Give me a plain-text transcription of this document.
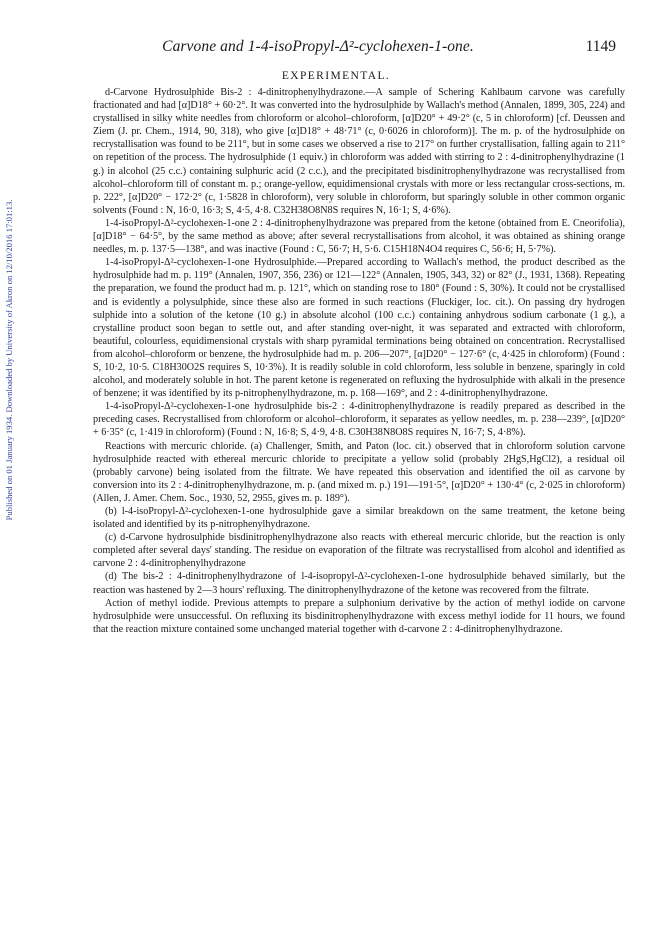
Published on 01 January 1934. Downloaded by University of Akron on 12/10/2016 17:01:13.
Carvone and 1-4-isoPropyl-Δ²-cyclohexen-1-one.	1149
EXPERIMENTAL.

d-Carvone Hydrosulphide Bis-2 : 4-dinitrophenylhydrazone.—A sample of Schering Kahlbaum carvone was carefully fractionated and had [α]D18° + 60·2°. It was converted into the hydrosulphide by Wallach's method (Annalen, 1899, 305, 224) and crystallised in silky white needles from chloroform or alcohol–chloroform, [α]D20° + 49·2° (c, 5 in chloroform) [cf. Deussen and Ziem (J. pr. Chem., 1914, 90, 318), who give [α]D18° + 48·71° (c, 0·6026 in chloroform)]. The m. p. of the hydrosulphide on recrystallisation was found to be 211°, but in some cases we observed a rise to 217° on further crystallisation, falling again to 211° on repetition of the process. The hydrosulphide (1 equiv.) in chloroform was added with stirring to 2 : 4-dinitrophenylhydrazine (1 g.) in alcohol (25 c.c.) containing sulphuric acid (2 c.c.), and the precipitated bisdinitrophenylhydrazone was recrystallised from alcohol–chloroform till of constant m. p.; orange-yellow, equidimensional crystals with more or less rectangular cross-sections, m. p. 222°, [α]D20° − 172·2° (c, 1·5828 in chloroform), very soluble in chloroform, but sparingly soluble in other common organic solvents (Found : N, 16·0, 16·3; S, 4·5, 4·8. C32H38O8N8S requires N, 16·1; S, 4·6%).

1-4-isoPropyl-Δ²-cyclohexen-1-one 2 : 4-dinitrophenylhydrazone was prepared from the ketone (obtained from E. Cneorifolia), [α]D18° − 64·5°, by the same method as above; after several recrystallisations from alcohol, it was obtained as shining orange needles, m. p. 137·5—138°, and was inactive (Found : C, 56·7; H, 5·6. C15H18N4O4 requires C, 56·6; H, 5·7%).

1-4-isoPropyl-Δ²-cyclohexen-1-one Hydrosulphide.—Prepared according to Wallach's method, the product described as the hydrosulphide had m. p. 119° (Annalen, 1907, 356, 236) or 121—122° (Annalen, 1905, 343, 32) or 82° (J., 1931, 1368). Repeating the preparation, we found the product had m. p. 121°, which on standing rose to 180° (Found : S, 30%). It could not be crystallised and is evidently a polysulphide, since these also are formed in such reactions (Fluckiger, loc. cit.). On passing dry hydrogen sulphide into a solution of the ketone (10 g.) in absolute alcohol (100 c.c.) containing anhydrous sodium carbonate (1 g.), a crystalline product soon began to settle out, and after standing over-night, it was separated and extracted with chloroform, beautiful, colourless, equidimensional crystals with sharp pyramidal terminations being obtained on concentration. Recrystallised from alcohol–chloroform or benzene, the hydrosulphide had m. p. 206—207°, [α]D20° − 127·6° (c, 4·425 in chloroform) (Found : S, 10·2, 10·5. C18H30O2S requires S, 10·3%). It is readily soluble in cold chloroform, less soluble in benzene, sparingly in cold alcohol, and moderately soluble in hot. The parent ketone is regenerated on refluxing the hydrosulphide with alkali in the presence of benzene; it was identified by its p-nitrophenylhydrazone, m. p. 168—169°, and 2 : 4-dinitrophenylhydrazone.

1-4-isoPropyl-Δ²-cyclohexen-1-one hydrosulphide bis-2 : 4-dinitrophenylhydrazone is readily prepared as described in the preceding cases. Recrystallised from chloroform or alcohol–chloroform, it separates as yellow needles, m. p. 238—239°, [α]D20° + 6·35° (c, 1·419 in chloroform) (Found : N, 16·8; S, 4·9, 4·8. C30H38N8O8S requires N, 16·7; S, 4·8%).

Reactions with mercuric chloride. (a) Challenger, Smith, and Paton (loc. cit.) observed that in chloroform solution carvone hydrosulphide reacted with ethereal mercuric chloride to precipitate a yellow solid (probably 2HgS,HgCl2), a residual oil (probably carvone) being isolated from the filtrate. We have repeated this observation and identified the oil as carvone by conversion into its 2 : 4-dinitrophenylhydrazone, m. p. (and mixed m. p.) 191—191·5°, [α]D20° + 130·4° (c, 2·025 in chloroform) (Allen, J. Amer. Chem. Soc., 1930, 52, 2955, gives m. p. 189°).

(b) l-4-isoPropyl-Δ²-cyclohexen-1-one hydrosulphide gave a similar breakdown on the same treatment, the ketone being isolated and identified by its p-nitrophenylhydrazone.

(c) d-Carvone hydrosulphide bisdinitrophenylhydrazone also reacts with ethereal mercuric chloride, but the reaction is only completed after several days' standing. The residue on evaporation of the filtrate was recrystallised from alcohol and identified as carvone 2 : 4-dinitrophenylhydrazone

(d) The bis-2 : 4-dinitrophenylhydrazone of l-4-isopropyl-Δ²-cyclohexen-1-one hydrosulphide behaved similarly, but the reaction was hastened by 2—3 hours' refluxing. The dinitrophenylhydrazone of the ketone was recovered from the filtrate.

Action of methyl iodide. Previous attempts to prepare a sulphonium derivative by the action of methyl iodide on carvone hydrosulphide were unsuccessful. On refluxing its bisdinitrophenylhydrazone with excess methyl iodide for 11 hours, we found that the reaction mixture contained some unchanged material together with d-carvone 2 : 4-dinitrophenylhydrazone.
